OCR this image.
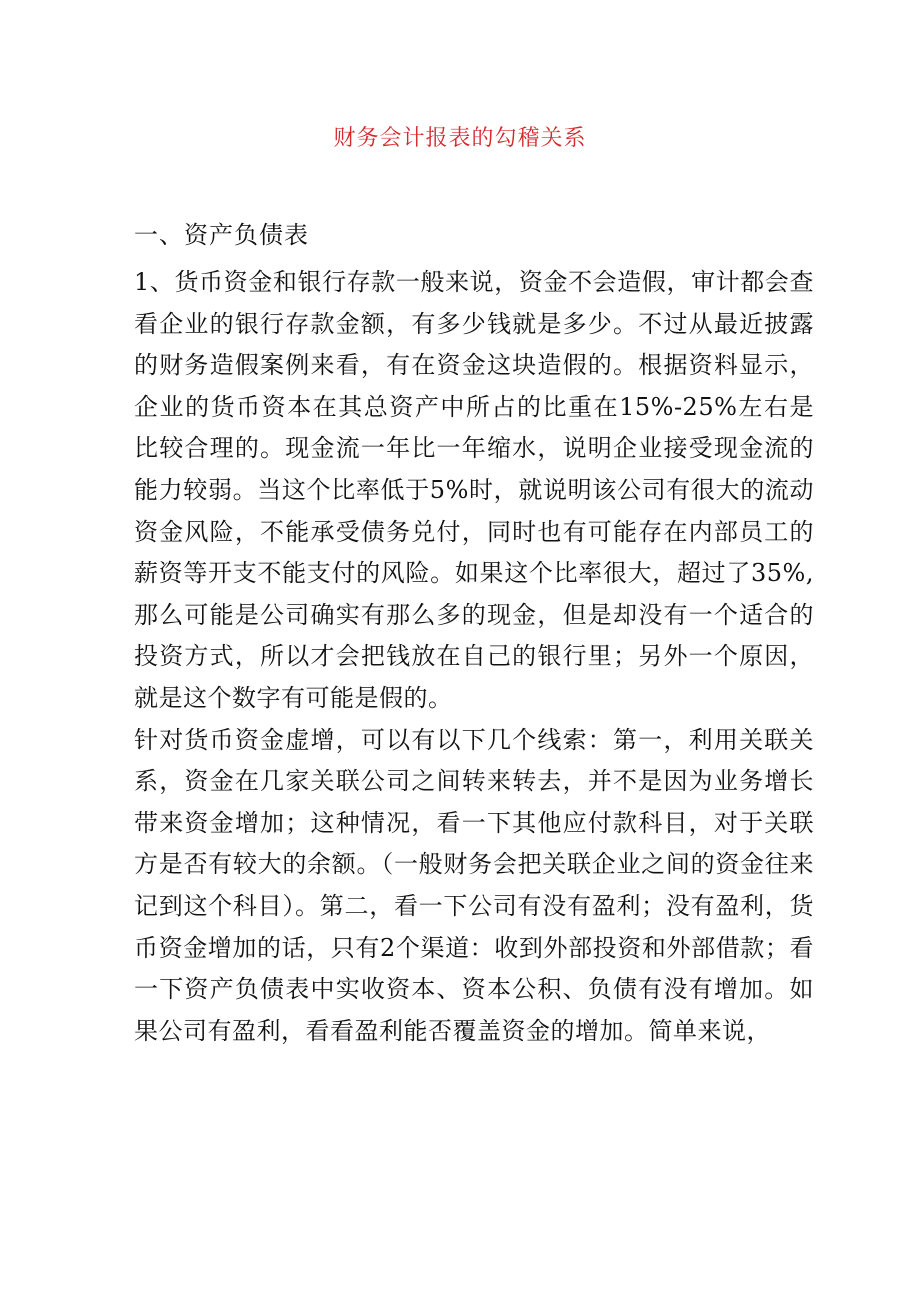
财务会计报表的勾稽关系
一、资产负债表

1、货币资金和银行存款一般来说，资金不会造假，审计都会查看企业的银行存款金额，有多少钱就是多少。不过从最近披露的财务造假案例来看，有在资金这块造假的。根据资料显示，企业的货币资本在其总资产中所占的比重在15%-25%左右是比较合理的。现金流一年比一年缩水，说明企业接受现金流的能力较弱。当这个比率低于5%时，就说明该公司有很大的流动资金风险，不能承受债务兑付，同时也有可能存在内部员工的薪资等开支不能支付的风险。如果这个比率很大，超过了35%,那么可能是公司确实有那么多的现金，但是却没有一个适合的投资方式，所以才会把钱放在自己的银行里；另外一个原因，就是这个数字有可能是假的。

针对货币资金虚增，可以有以下几个线索：第一，利用关联关系，资金在几家关联公司之间转来转去，并不是因为业务增长带来资金增加；这种情况，看一下其他应付款科目，对于关联方是否有较大的余额。（一般财务会把关联企业之间的资金往来记到这个科目）。第二，看一下公司有没有盈利；没有盈利，货币资金增加的话，只有2个渠道：收到外部投资和外部借款；看一下资产负债表中实收资本、资本公积、负债有没有增加。如果公司有盈利，看看盈利能否覆盖资金的增加。简单来说，
